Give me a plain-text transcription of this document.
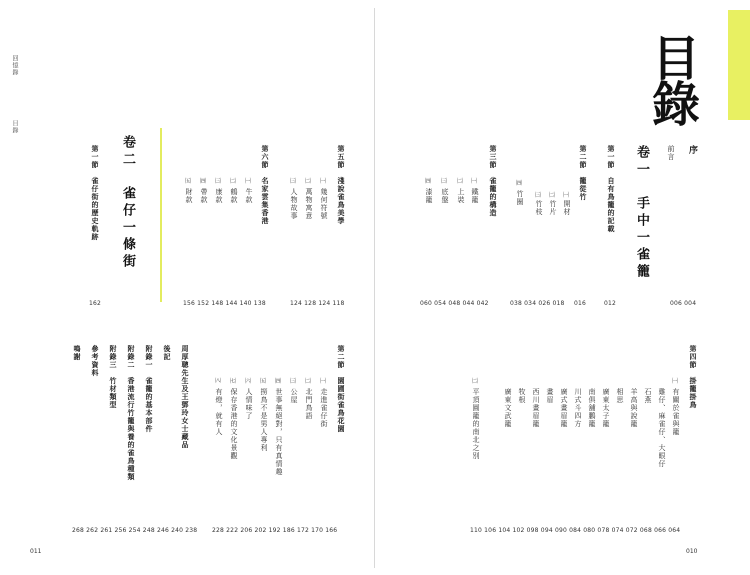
回憶錄
目錄
011	010
目
錄
序
前言
卷一　手中一雀籠
第一節　自有鳥籠的記載
第二節　籠從竹
㈠
開材
㈡
竹片
㈢
竹枝
㈣
竹圈
第三節　雀籠的構造
㈠
鐵籠
㈡
上裝
㈢
底盤
㈣
漆籠
006 004
012
016
038 034 026 018
060 054 048 044 042
第五節　淺說雀鳥美學
㈠
幾何符號
㈡
萬物寓意
㈢
人物故事
第六節　名家雲集香港
㈠
牛款
㈡
鶴款
㈢
康款
㈣
帶款
㈤
財款
卷二　雀仔一條街
第一節　雀仔街的歷史軌跡
124 128 124 118
156 152 148 144 140 138
162
第四節　掛籠掛鳥
㈠
有關於雀與籠
雞仔、麻雀仔、大眼仔
石燕
羊高與說籠
相思
廣東太子籠
南俱舖鵬籠
川式斗四方
廣式畫眉籠
畫眉
西川畫眉籠
牧根
廣東文武籠
㈡
平頂圓籠的南北之別
110 106 104 102 098 094 090 084 080 078 074 072 068 066 064
第二節　園圃街雀鳥花園
㈠
走進雀仔街
㈡
北門鳥語
㈢
公屋
㈣
世事無絕對，只有真情趣
㈤
撈鳥不是男人專利
㈥
人情味了
㈦
保存香港的文化景觀
㈧
有燈，就有人
周厚聰先生及王鄧玲女士藏品
後記
附錄一　雀籠的基本部件
附錄二　香港流行竹籠與養的雀鳥種類
附錄三　竹材類型
參考資料
鳴謝
228 222 206 202 192 186 172 170 166
268 262 261 256 254 248 246 240 238
